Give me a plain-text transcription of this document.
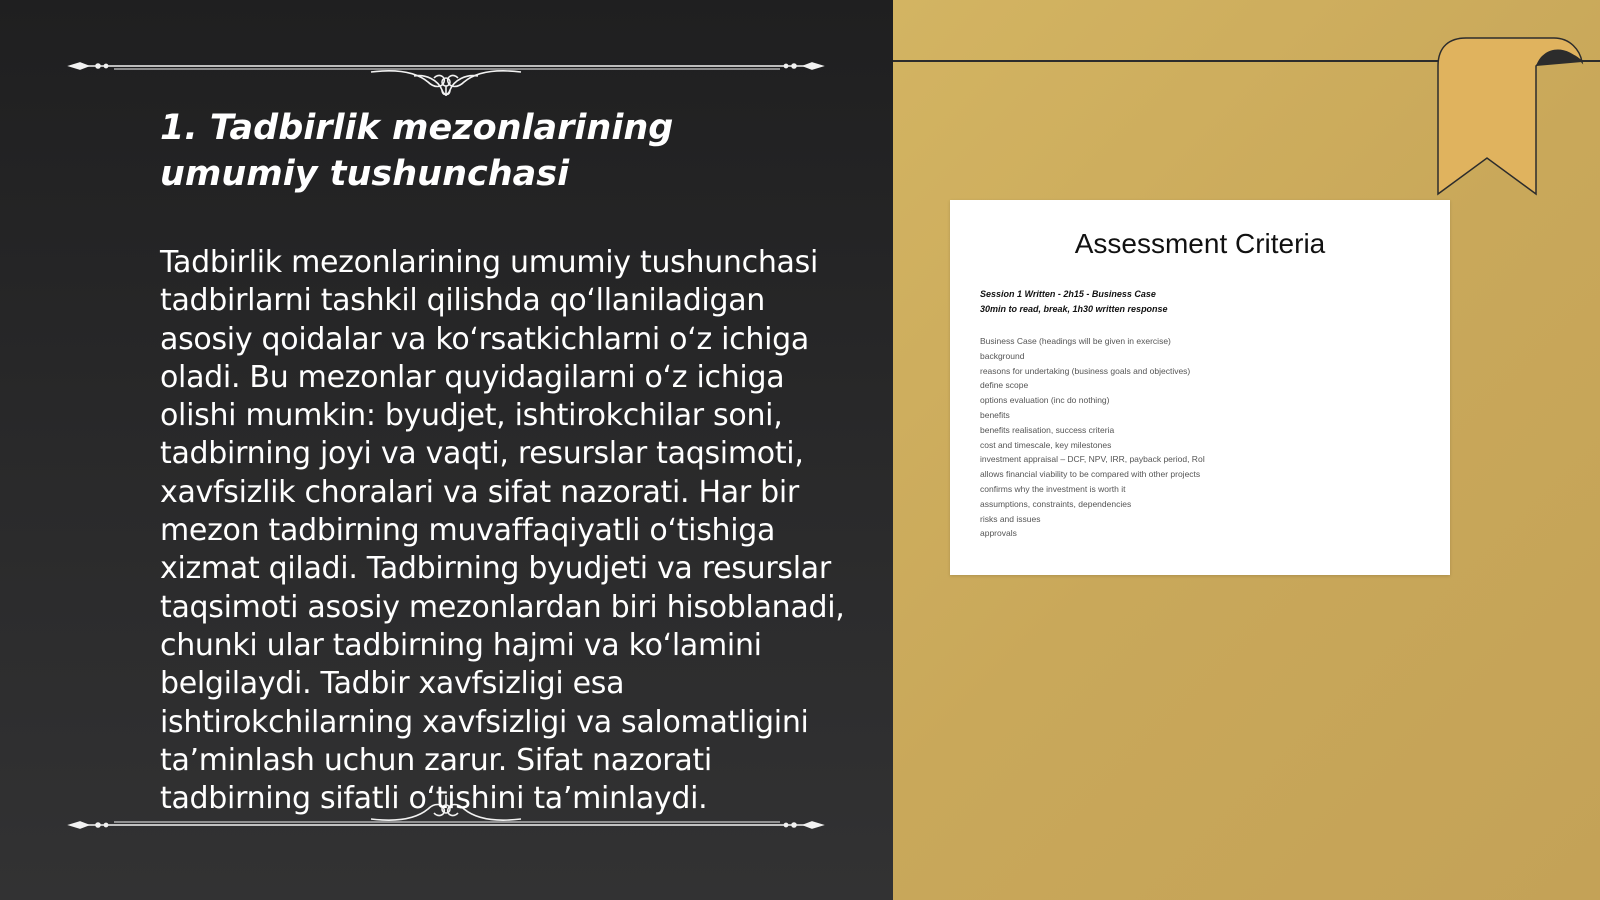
1. Tadbirlik mezonlarining umumiy tushunchasi

Tadbirlik mezonlarining umumiy tushunchasi tadbirlarni tashkil qilishda qo‘llaniladigan asosiy qoidalar va ko‘rsatkichlarni o‘z ichiga oladi. Bu mezonlar quyidagilarni o‘z ichiga olishi mumkin: byudjet, ishtirokchilar soni, tadbirning joyi va vaqti, resurslar taqsimoti, xavfsizlik choralari va sifat nazorati. Har bir mezon tadbirning muvaffaqiyatli o‘tishiga xizmat qiladi. Tadbirning byudjeti va resurslar taqsimoti asosiy mezonlardan biri hisoblanadi, chunki ular tadbirning hajmi va ko‘lamini belgilaydi. Tadbir xavfsizligi esa ishtirokchilarning xavfsizligi va salomatligini ta’minlash uchun zarur. Sifat nazorati tadbirning sifatli o‘tishini ta’minlaydi.

Assessment Criteria
Session 1 Written - 2h15 - Business Case
30min to read, break, 1h30 written response
Business Case (headings will be given in exercise)
background
reasons for undertaking (business goals and objectives)
define scope
options evaluation (inc do nothing)
benefits
benefits realisation, success criteria
cost and timescale, key milestones
investment appraisal – DCF, NPV, IRR, payback period, RoI
allows financial viability to be compared with other projects
confirms why the investment is worth it
assumptions, constraints, dependencies
risks and issues
approvals
